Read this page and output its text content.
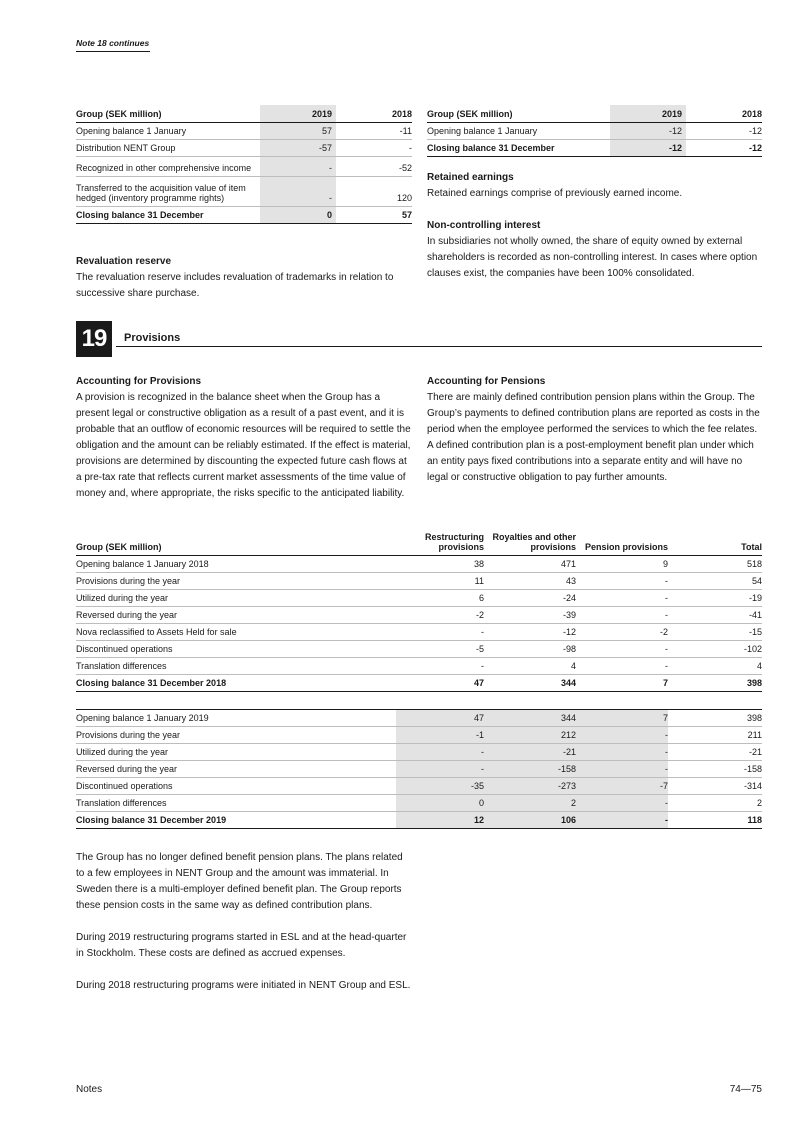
Note 18 continues
Group (SEK million)	2019	2018
Opening balance 1 January	57	-11
Distribution NENT Group	-57	-
Recognized in other comprehensive income	-	-52
Transferred to the acquisition value of item hedged (inventory programme rights)	-	120
Closing balance 31 December	0	57
Group (SEK million)	2019	2018
Opening balance 1 January	-12	-12
Closing balance 31 December	-12	-12
Revaluation reserve
The revaluation reserve includes revaluation of trademarks in relation to successive share purchase.
Retained earnings
Retained earnings comprise of previously earned income.
Non-controlling interest
In subsidiaries not wholly owned, the share of equity owned by external shareholders is recorded as non-controlling interest. In cases where option clauses exist, the companies have been 100% consolidated.
19	Provisions
Accounting for Provisions
A provision is recognized in the balance sheet when the Group has a present legal or constructive obligation as a result of a past event, and it is probable that an outflow of economic resources will be required to settle the obligation and the amount can be reliably estimated. If the effect is material, provisions are determined by discounting the expected future cash flows at a pre-tax rate that reflects current market assessments of the time value of money and, where appropriate, the risks specific to the anticipated liability.
Accounting for Pensions
There are mainly defined contribution pension plans within the Group. The Group’s payments to defined contribution plans are reported as costs in the period when the employee performed the services to which the fee relates. A defined contribution plan is a post-employment benefit plan under which an entity pays fixed contributions into a separate entity and will have no legal or constructive obligation to pay further amounts.
Group (SEK million)	Restructuring provisions	Royalties and other provisions	Pension provisions	Total
Opening balance 1 January 2018	38	471	9	518
Provisions during the year	11	43	-	54
Utilized during the year	6	-24	-	-19
Reversed during the year	-2	-39	-	-41
Nova reclassified to Assets Held for sale	-	-12	-2	-15
Discontinued operations	-5	-98	-	-102
Translation differences	-	4	-	4
Closing balance 31 December 2018	47	344	7	398

Opening balance 1 January 2019	47	344	7	398
Provisions during the year	-1	212	-	211
Utilized during the year	-	-21	-	-21
Reversed during the year	-	-158	-	-158
Discontinued operations	-35	-273	-7	-314
Translation differences	0	2	-	2
Closing balance 31 December 2019	12	106	-	118

The Group has no longer defined benefit pension plans. The plans related to a few employees in NENT Group and the amount was immaterial. In Sweden there is a multi-employer defined benefit plan. The Group reports these pension costs in the same way as defined contribution plans.

During 2019 restructuring programs started in ESL and at the head-quarter in Stockholm. These costs are defined as accrued expenses.

During 2018 restructuring programs were initiated in NENT Group and ESL.

Notes	74—75
